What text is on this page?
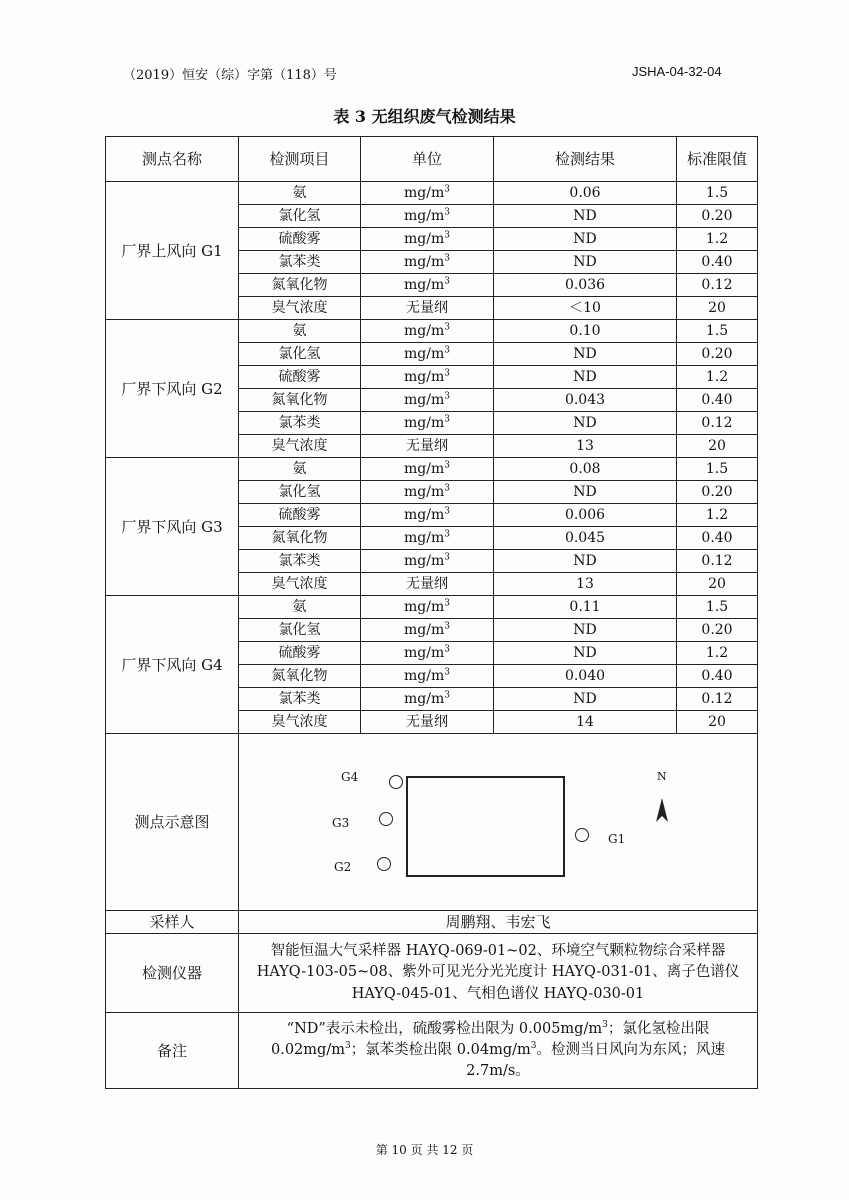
（2019）恒安（综）字第（118）号	JSHA-04-32-04
表 3 无组织废气检测结果
测点名称	检测项目	单位	检测结果	标准限值
厂界上风向 G1	氨	$mg/m^3$	0.06	1.5
	氯化氢	$mg/m^3$	ND	0.20
	硫酸雾	$mg/m^3$	ND	1.2
	氯苯类	$mg/m^3$	ND	0.40
	氮氧化物	$mg/m^3$	0.036	0.12
	臭气浓度	无量纲	＜10	20
厂界下风向 G2	氨	$mg/m^3$	0.10	1.5
	氯化氢	$mg/m^3$	ND	0.20
	硫酸雾	$mg/m^3$	ND	1.2
	氮氧化物	$mg/m^3$	0.043	0.40
	氯苯类	$mg/m^3$	ND	0.12
	臭气浓度	无量纲	13	20
厂界下风向 G3	氨	$mg/m^3$	0.08	1.5
	氯化氢	$mg/m^3$	ND	0.20
	硫酸雾	$mg/m^3$	0.006	1.2
	氮氧化物	$mg/m^3$	0.045	0.40
	氯苯类	$mg/m^3$	ND	0.12
	臭气浓度	无量纲	13	20
厂界下风向 G4	氨	$mg/m^3$	0.11	1.5
	氯化氢	$mg/m^3$	ND	0.20
	硫酸雾	$mg/m^3$	ND	1.2
	氮氧化物	$mg/m^3$	0.040	0.40
	氯苯类	$mg/m^3$	ND	0.12
	臭气浓度	无量纲	14	20
测点示意图	G4
G3
G2
G1
N			

采样人	周鹏翔、韦宏飞			
检测仪器	智能恒温大气采样器 HAYQ-069-01~02、环境空气颗粒物综合采样器
HAYQ-103-05~08、紫外可见光分光光度计 HAYQ-031-01、离子色谱仪
HAYQ-045-01、气相色谱仪 HAYQ-030-01			

备注	“ND”表示未检出，硫酸雾检出限为 $0.005mg/m^3$；氯化氢检出限
$0.02mg/m^3$；氯苯类检出限 $0.04mg/m^3$。检测当日风向为东风；风速
2.7m/s。			
第 10 页 共 12 页
